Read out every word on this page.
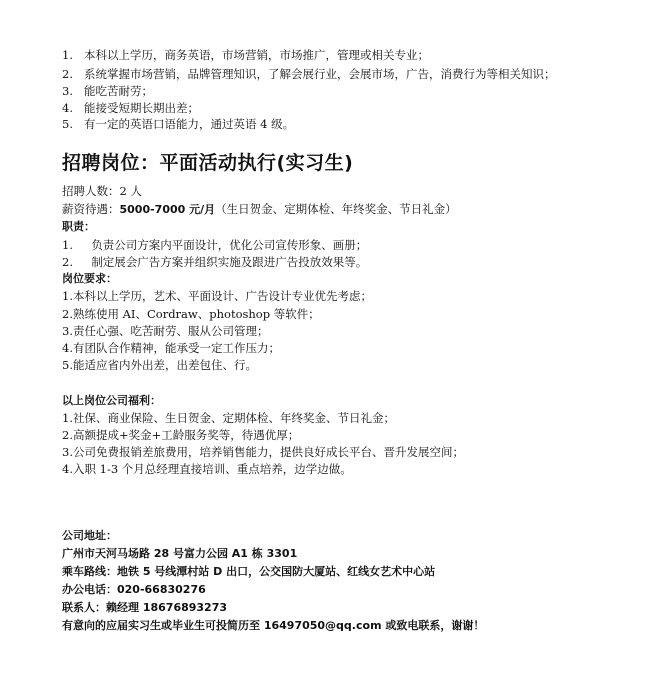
1. 本科以上学历，商务英语，市场营销，市场推广，管理或相关专业；
2. 系统掌握市场营销，品牌管理知识，了解会展行业，会展市场，广告，消费行为等相关知识；
3. 能吃苦耐劳；
4. 能接受短期长期出差；
5. 有一定的英语口语能力，通过英语 4 级。
招聘岗位：平面活动执行(实习生)
招聘人数：2 人
薪资待遇：5000-7000 元/月（生日贺金、定期体检、年终奖金、节日礼金）
职责：
1. 负责公司方案内平面设计，优化公司宣传形象、画册；
2. 制定展会广告方案并组织实施及跟进广告投放效果等。
岗位要求：
1.本科以上学历，艺术、平面设计、广告设计专业优先考虑；
2.熟练使用 AI、Cordraw、photoshop 等软件；
3.责任心强、吃苦耐劳、服从公司管理；
4.有团队合作精神，能承受一定工作压力；
5.能适应省内外出差，出差包住、行。
以上岗位公司福利：
1.社保、商业保险、生日贺金、定期体检、年终奖金、节日礼金；
2.高额提成+奖金+工龄服务奖等，待遇优厚；
3.公司免费报销差旅费用，培养销售能力，提供良好成长平台、晋升发展空间；
4.入职 1-3 个月总经理直接培训、重点培养，边学边做。
公司地址：
广州市天河马场路 28 号富力公园 A1 栋 3301
乘车路线：地铁 5 号线潭村站 D 出口，公交国防大厦站、红线女艺术中心站
办公电话：020-66830276
联系人：赖经理 18676893273
有意向的应届实习生或毕业生可投简历至 16497050@qq.com 或致电联系，谢谢！
